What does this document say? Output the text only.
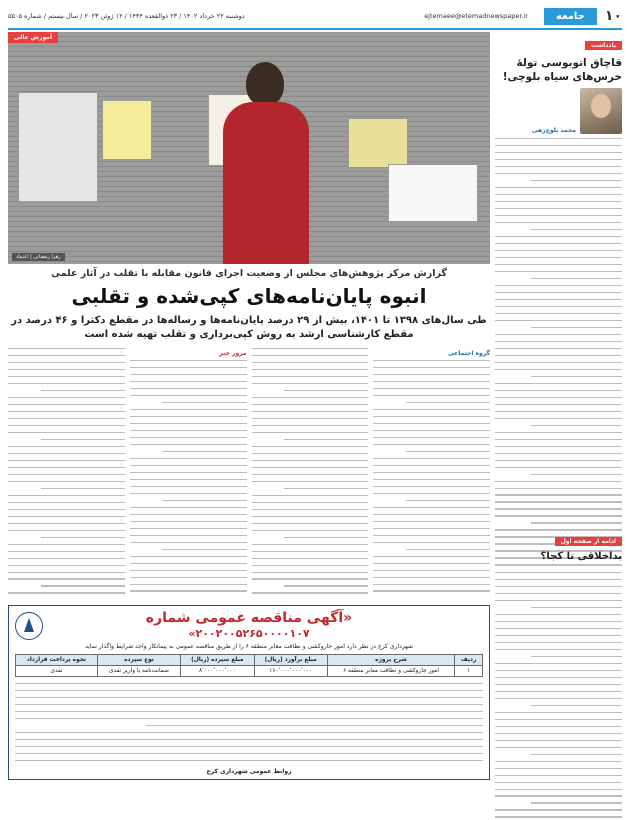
۱۰
جامعه
ejtemaee@etemadnewspaper.ir
دوشنبه ۲۲ خرداد ۱۴۰۲ / ۲۳ ذوالقعده ۱۴۴۴ / ۱۲ ژوئن ۲۰۲۳ / سال بیستم / شماره ۵۵۰۵
یادداشت
قاچاق اتوبوسی تولهٔ خرس‌های سیاه بلوچی!
محمد بلوچ‌زهی
آموزش عالی
زهرا رمضانی | اعتماد
گزارش مرکز پژوهش‌های مجلس از وضعیت اجرای قانون مقابله با تقلب در آثار علمی
انبوه پایان‌نامه‌های کپی‌شده و تقلبی
طی سال‌های ۱۳۹۸ تا ۱۴۰۱، بیش از ۲۹ درصد پایان‌نامه‌ها و رساله‌ها در مقطع دکترا و ۴۶ درصد در مقطع کارشناسی ارشد به روش کپی‌برداری و تقلب تهیه شده است
گروه اجتماعی
مرور خبر
ادامه از صفحه اول
بداخلاقی تا کجا؟
«آگهی مناقصه عمومی شماره
۲۰۰۲۰۰۵۲۶۵۰۰۰۰۱۰۷»
شهرداری کرج در نظر دارد امور جاروکشی و نظافت معابر منطقه ۶ را از طریق مناقصه عمومی به پیمانکار واجد شرایط واگذار نماید
ردیف	شرح پروژه	مبلغ برآورد (ریال)	مبلغ سپرده (ریال)	نوع سپرده	نحوه پرداخت قرارداد
۱	امور جاروکشی و نظافت معابر منطقه ۶	۱۶۰٬۰۰۰٬۰۰۰٬۰۰۰	۸٬۰۰۰٬۰۰۰٬۰۰۰	ضمانت‌نامه یا واریز نقدی	نقدی
روابط عمومی شهرداری کرج
